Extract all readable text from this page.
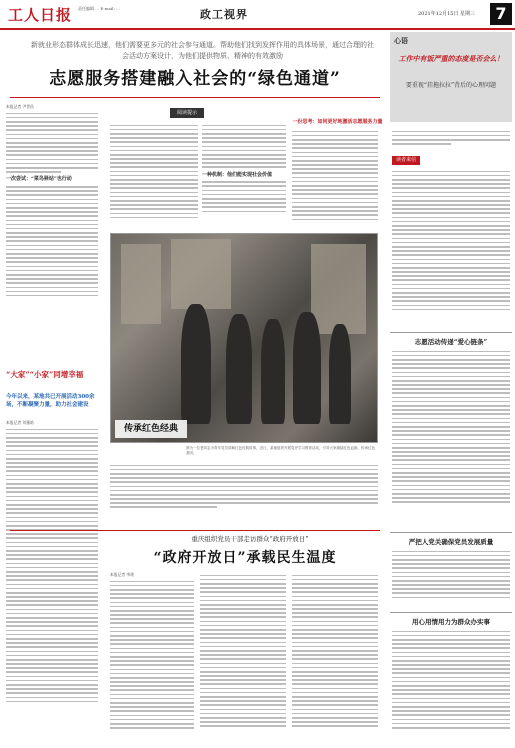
工人日报 责任编辑 ... E-mail: ...	政工视界	2021年12月15日 星期三	7
新就业形态群体成长迅速，他们需要更多元的社会参与通道。帮助他们找到发挥作用的具体场景，通过合理的社会活动方案设计，为他们提供物质、精神的有效激励
志愿服务搭建融入社会的“绿色通道”
本报记者 尹世昌
一次尝试：“菜鸟驿站”也行动
“大家”“小家”同增幸福
今年以来，某地共已开展活动300余场，不断凝聚力量，助力社会建设
本报记者 刘雅晗
阅读提示
一种机制：他们能实现社会价值
一份思考：如何更好地激活志愿服务力量
传承红色经典
图为一位老同志为青年党员讲解红色经典故事，近日，某地组织开展党史学习教育活动，引导大家赓续红色血脉，传承红色基因。
重庆组织党员干部走访群众“政府开放日”
“政府开放日”承载民生温度
本报记者 李瑶
心语
工作中有饭严重的态度是否会么！
要重视“挂拖拉拉”背后的心理问题
读者来信
志愿活动传递“爱心链条”
严把人党关确保党员发展质量
用心用情用力为群众办实事
